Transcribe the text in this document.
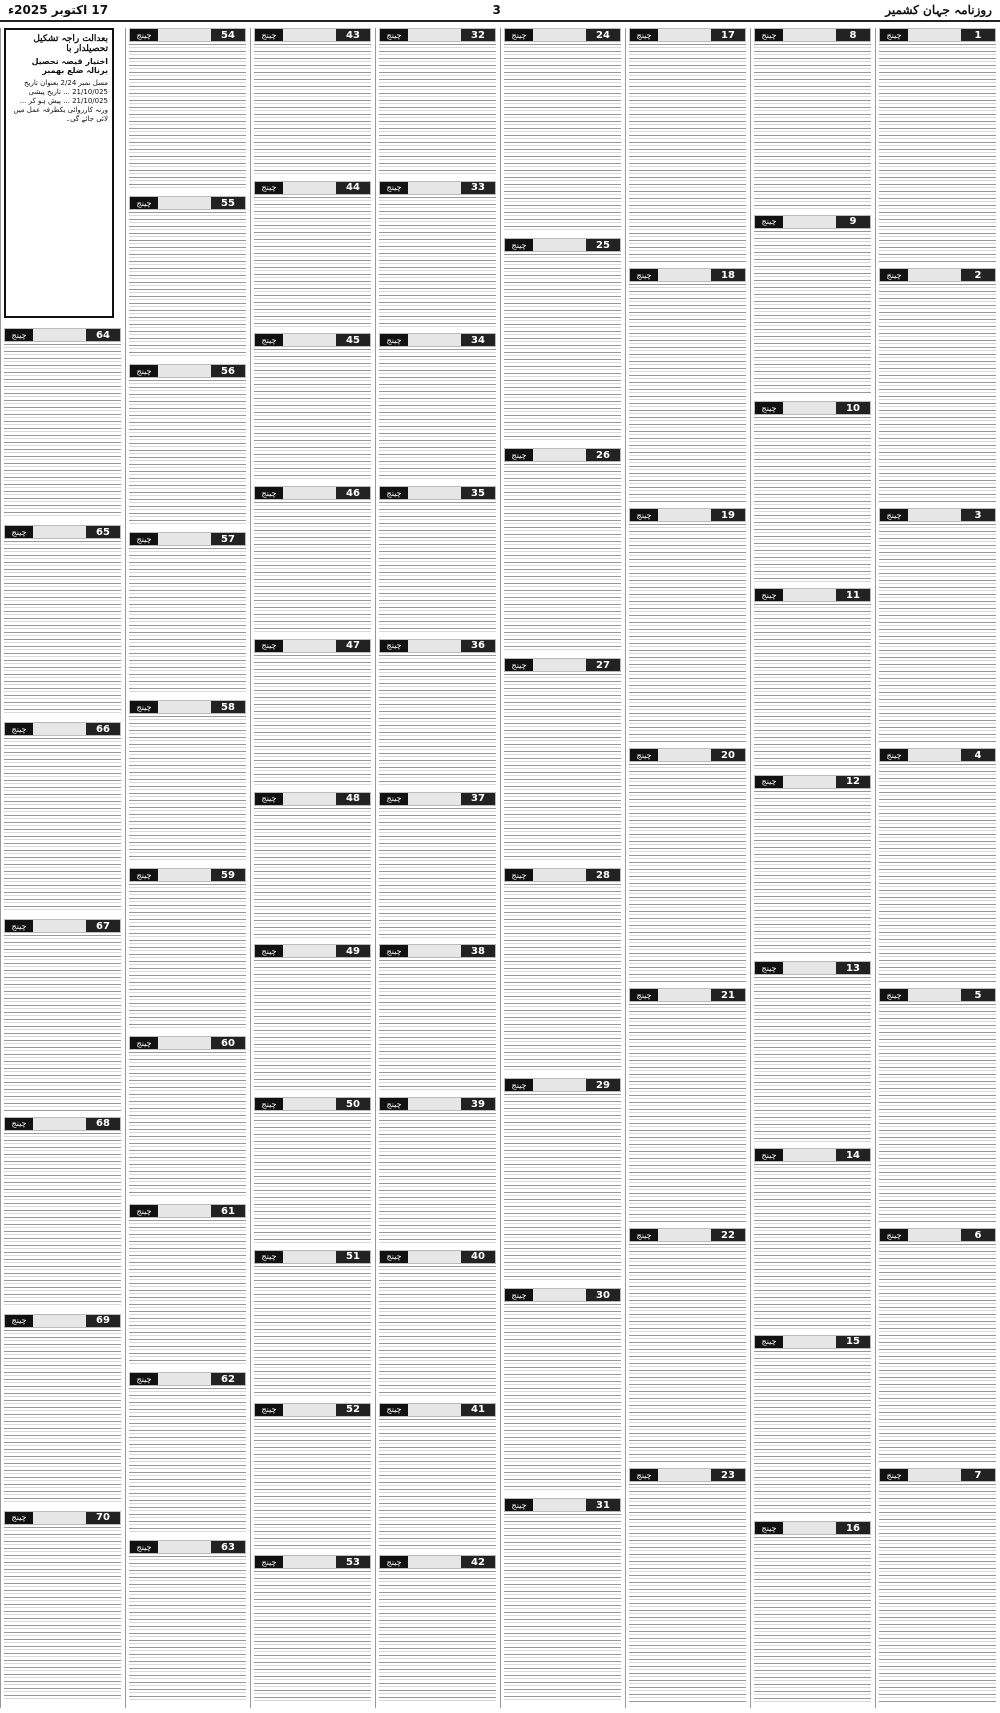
17 اکتوبر 2025ء	3	روزنامہ جہان کشمیر
بعدالت راجہ تشکیل تحصیلدار با
اختیار قیصہ تحصیل برنالہ ضلع بھمبر
مسل نمبر 2/24 بعنوان تاریخ 21/10/025 ... تاریخ پیشی 21/10/025 ... پیش ہو کر ... ورنہ کارروائی یکطرفہ عمل میں لائی جائے گی۔
1
چینج
2
چینج
3
چینج
4
چینج
5
چینج
6
چینج
7
چینج
8
چینج
9
چینج
10
چینج
11
چینج
12
چینج
13
چینج
14
چینج
15
چینج
16
چینج
17
چینج
18
چینج
19
چینج
20
چینج
21
چینج
22
چینج
23
چینج
24
چینج
25
چینج
26
چینج
27
چینج
28
چینج
29
چینج
30
چینج
31
چینج
32
چینج
33
چینج
34
چینج
35
چینج
36
چینج
37
چینج
38
چینج
39
چینج
40
چینج
41
چینج
42
چینج
43
چینج
44
چینج
45
چینج
46
چینج
47
چینج
48
چینج
49
چینج
50
چینج
51
چینج
52
چینج
53
چینج
54
چینج
55
چینج
56
چینج
57
چینج
58
چینج
59
چینج
60
چینج
61
چینج
62
چینج
63
چینج
64
چینج
65
چینج
66
چینج
67
چینج
68
چینج
69
چینج
70
چینج
